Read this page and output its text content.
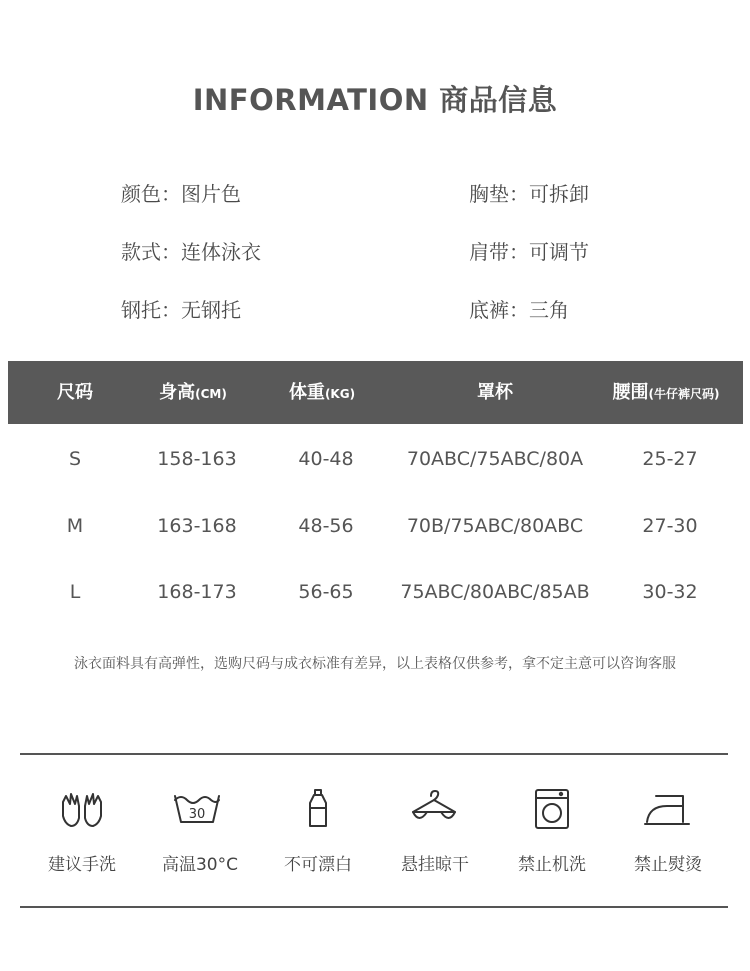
INFORMATION 商品信息
颜色：图片色	胸垫：可拆卸
款式：连体泳衣	肩带：可调节
钢托：无钢托	底裤：三角
尺码	身高(CM)	体重(KG)	罩杯	腰围(牛仔裤尺码)
S	158-163	40-48	70ABC/75ABC/80A	25-27
M	163-168	48-56	70B/75ABC/80ABC	27-30
L	168-173	56-65 75ABC/80ABC/85AB	30-32
泳衣面料具有高弹性，选购尺码与成衣标准有差异，以上表格仅供参考，拿不定主意可以咨询客服
30
建议手洗	高温30°C	不可漂白	悬挂晾干	禁止机洗	禁止熨烫
